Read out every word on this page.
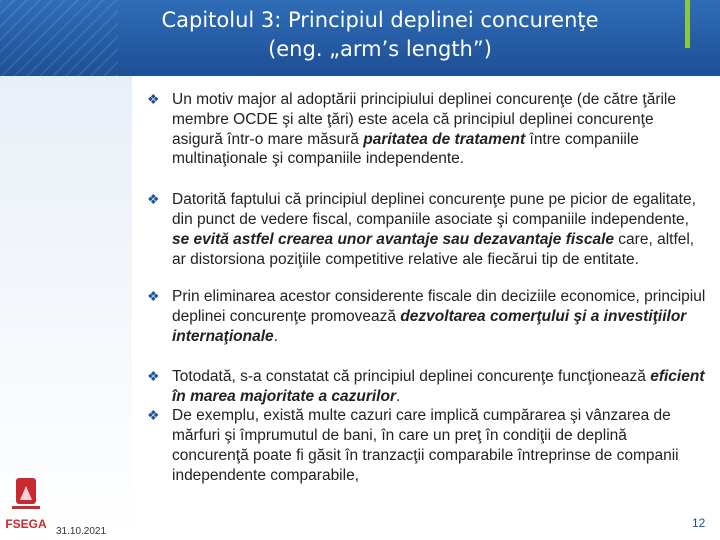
Capitolul 3: Principiul deplinei concurenţe
(eng. „arm’s length”)
❖ Un motiv major al adoptării principiului deplinei concurenţe (de către ţările membre OCDE şi alte ţări) este acela că principiul deplinei concurenţe asigură într-o mare măsură paritatea de tratament între companiile multinaţionale şi companiile independente.
❖ Datorită faptului că principiul deplinei concurenţe pune pe picior de egalitate, din punct de vedere fiscal, companiile asociate şi companiile independente, se evită astfel crearea unor avantaje sau dezavantaje fiscale care, altfel, ar distorsiona poziţiile competitive relative ale fiecărui tip de entitate.
❖ Prin eliminarea acestor considerente fiscale din deciziile economice, principiul deplinei concurenţe promovează dezvoltarea comerţului şi a investiţiilor internaţionale.
❖ Totodată, s-a constatat că principiul deplinei concurenţe funcţionează eficient în marea majoritate a cazurilor.
❖ De exemplu, există multe cazuri care implică cumpărarea şi vânzarea de mărfuri şi împrumutul de bani, în care un preţ în condiţii de deplină concurenţă poate fi găsit în tranzacţii comparabile întreprinse de companii independente comparabile,
FSEGA
31.10.2021
12
